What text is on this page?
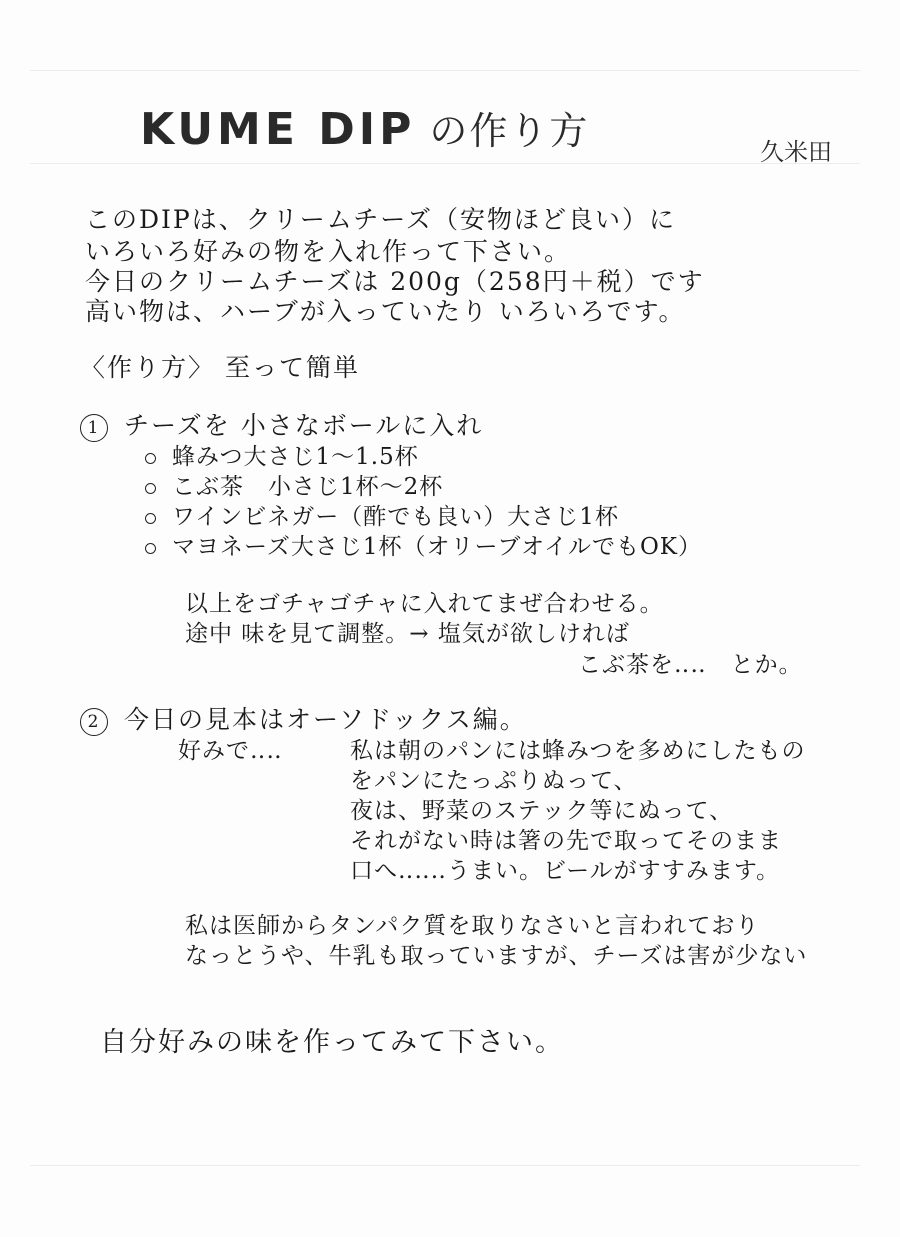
KUME DIP の作り方	久米田
このDIPは、クリームチーズ（安物ほど良い）に
いろいろ好みの物を入れ作って下さい。
今日のクリームチーズは 200g（258円＋税）です
高い物は、ハーブが入っていたり いろいろです。
〈作り方〉 至って簡単
1 チーズを 小さなボールに入れ
蜂みつ大さじ1〜1.5杯
こぶ茶　小さじ1杯〜2杯
ワインビネガー（酢でも良い）大さじ1杯
マヨネーズ大さじ1杯（オリーブオイルでもOK）
以上をゴチャゴチャに入れてまぜ合わせる。
途中 味を見て調整。→ 塩気が欲しければ
こぶ茶を‥‥　とか。
2 今日の見本はオーソドックス編。
好みで‥‥	私は朝のパンには蜂みつを多めにしたもの
をパンにたっぷりぬって、
夜は、野菜のステック等にぬって、
それがない時は箸の先で取ってそのまま
口へ‥‥‥うまい。ビールがすすみます。
私は医師からタンパク質を取りなさいと言われており
なっとうや、牛乳も取っていますが、チーズは害が少ない
自分好みの味を作ってみて下さい。
